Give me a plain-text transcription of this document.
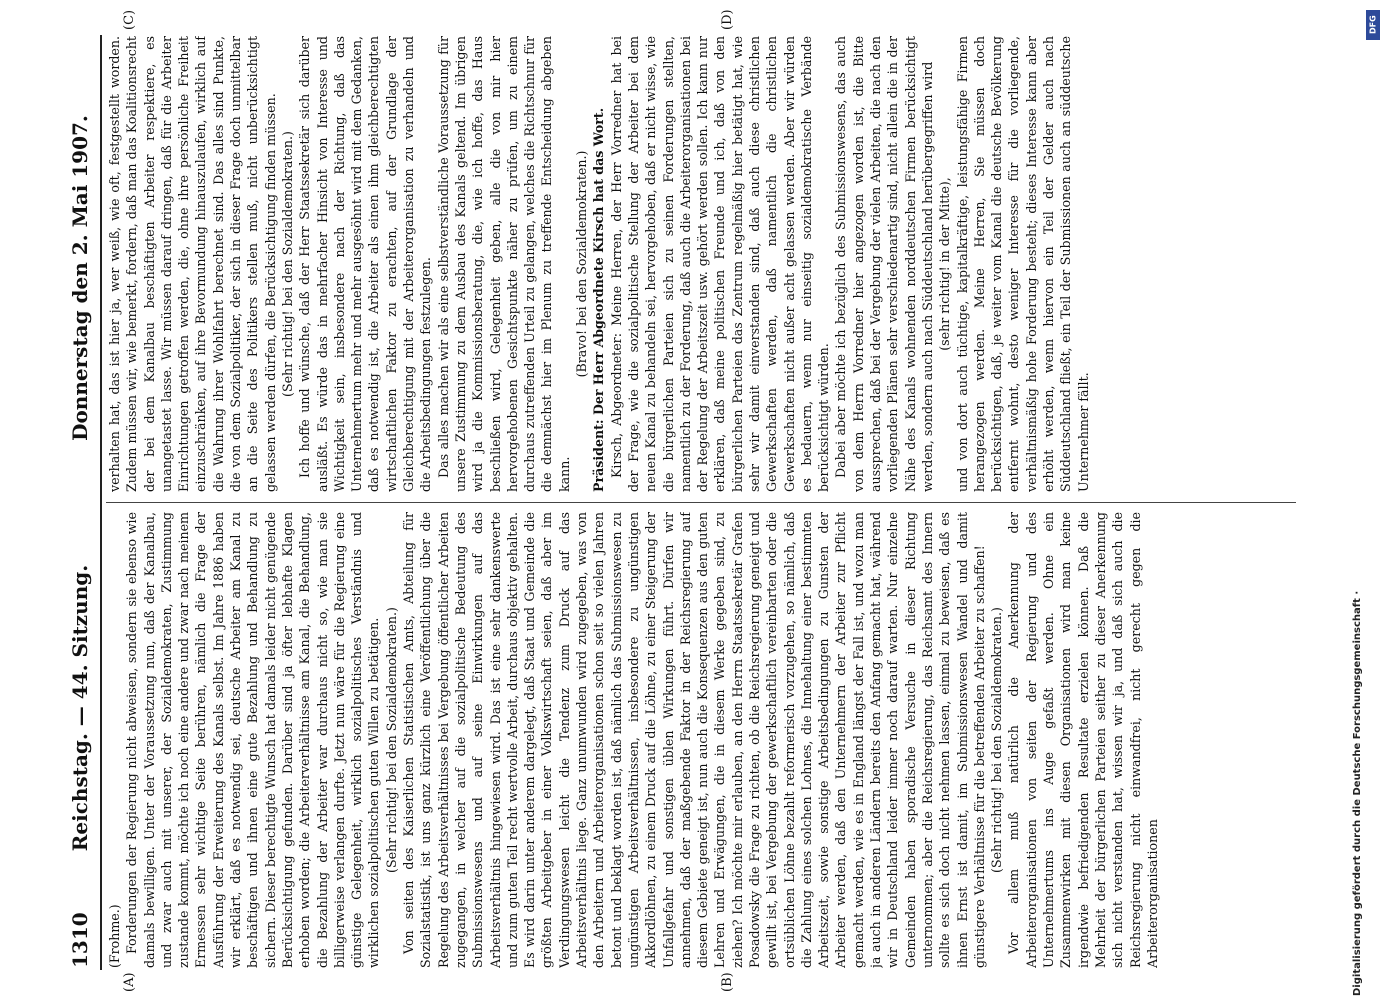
1310
Reichstag. — 44. Sitzung.
Donnerstag den 2. Mai 1907.
(A)	(B)
(C)	(D)

(Frohme.) Forderungen der Regierung nicht abweisen, sondern sie ebenso wie damals bewilligen. Unter der Voraussetzung nun, daß der Kanalbau, und zwar auch mit unserer, der Sozialdemokraten, Zustimmung zustande kommt, möchte ich noch eine andere und zwar nach meinem Ermessen sehr wichtige Seite berühren, nämlich die Frage der Ausführung der Erweiterung des Kanals selbst. Im Jahre 1886 haben wir erklärt, daß es notwendig sei, deutsche Arbeiter am Kanal zu beschäftigen und ihnen eine gute Bezahlung und Behandlung zu sichern. Dieser berechtigte Wunsch hat damals leider nicht genügende Berücksichtigung gefunden. Darüber sind ja öfter lebhafte Klagen erhoben worden; die Arbeiterverhältnisse am Kanal, die Behandlung, die Bezahlung der Arbeiter war durchaus nicht so, wie man sie billigerweise verlangen durfte. Jetzt nun wäre für die Regierung eine günstige Gelegenheit, wirklich sozialpolitisches Verständnis und wirklichen sozialpolitischen guten Willen zu betätigen. (Sehr richtig! bei den Sozialdemokraten.) Von seiten des Kaiserlichen Statistischen Amts, Abteilung für Sozialstatistik, ist uns ganz kürzlich eine Veröffentlichung über die Regelung des Arbeitsverhältnisses bei Vergebung öffentlicher Arbeiten zugegangen, in welcher auf die sozialpolitische Bedeutung des Submissionswesens und auf seine Einwirkungen auf das Arbeitsverhältnis hingewiesen wird. Das ist eine sehr dankenswerte und zum guten Teil recht wertvolle Arbeit, durchaus objektiv gehalten. Es wird darin unter anderem dargelegt, daß Staat und Gemeinde die größten Arbeitgeber in einer Volkswirtschaft seien, daß aber im Verdingungswesen leicht die Tendenz zum Druck auf das Arbeitsverhältnis liege. Ganz unumwunden wird zugegeben, was von den Arbeitern und Arbeiterorganisationen schon seit so vielen Jahren betont und beklagt worden ist, daß nämlich das Submissionswesen zu ungünstigen Arbeitsverhältnissen, insbesondere zu ungünstigen Akkordlöhnen, zu einem Druck auf die Löhne, zu einer Steigerung der Unfallgefahr und sonstigen üblen Wirkungen führt. Dürfen wir annehmen, daß der maßgebende Faktor in der Reichsregierung auf diesem Gebiete geneigt ist, nun auch die Konsequenzen aus den guten Lehren und Erwägungen, die in diesem Werke gegeben sind, zu ziehen? Ich möchte mir erlauben, an den Herrn Staatssekretär Grafen Posadowsky die Frage zu richten, ob die Reichsregierung geneigt und gewillt ist, bei Vergebung der gewerkschaftlich vereinbarten oder die ortsüblichen Löhne bezahlt reformerisch vorzugehen, so nämlich, daß die Zahlung eines solchen Lohnes, die Innehaltung einer bestimmten Arbeitszeit, sowie sonstige Arbeitsbedingungen zu Gunsten der Arbeiter werden, daß den Unternehmern der Arbeiter zur Pflicht gemacht werden, wie es in England längst der Fall ist, und wozu man ja auch in anderen Ländern bereits den Anfang gemacht hat, während wir in Deutschland leider immer noch darauf warten. Nur einzelne Gemeinden haben sporadische Versuche in dieser Richtung unternommen; aber die Reichsregierung, das Reichsamt des Innern sollte es sich doch nicht nehmen lassen, einmal zu beweisen, daß es ihnen Ernst ist damit, im Submissionswesen Wandel und damit günstigere Verhältnisse für die betreffenden Arbeiter zu schaffen! (Sehr richtig! bei den Sozialdemokraten.) Vor allem muß natürlich die Anerkennung der Arbeiterorganisationen von seiten der Regierung und des Unternehmertums ins Auge gefaßt werden. Ohne ein Zusammenwirken mit diesen Organisationen wird man keine irgendwie befriedigenden Resultate erzielen können. Daß die Mehrheit der bürgerlichen Parteien seither zu dieser Anerkennung sich nicht verstanden hat, wissen wir ja, und daß sich auch die Reichsregierung nicht einwandfrei, nicht gerecht gegen die Arbeiterorganisationen

verhalten hat, das ist hier ja, wer weiß, wie oft, festgestellt worden. Zudem müssen wir, wie bemerkt, fordern, daß man das Koalitionsrecht der bei dem Kanalbau beschäftigten Arbeiter respektiere, es unangetastet lasse. Wir müssen darauf dringen, daß für die Arbeiter Einrichtungen getroffen werden, die, ohne ihre persönliche Freiheit einzuschränken, auf ihre Bevormundung hinauszulaufen, wirklich auf die Wahrung ihrer Wohlfahrt berechnet sind. Das alles sind Punkte, die von dem Sozialpolitiker, der sich in dieser Frage doch unmittelbar an die Seite des Politikers stellen muß, nicht unberücksichtigt gelassen werden dürfen, die Berücksichtigung finden müssen. (Sehr richtig! bei den Sozialdemokraten.) Ich hoffe und wünsche, daß der Herr Staatssekretär sich darüber ausläßt. Es würde das in mehrfacher Hinsicht von Interesse und Wichtigkeit sein, insbesondere nach der Richtung, daß das Unternehmertum mehr und mehr ausgesöhnt wird mit dem Gedanken, daß es notwendig ist, die Arbeiter als einen ihm gleichberechtigten wirtschaftlichen Faktor zu erachten, auf der Grundlage der Gleichberechtigung mit der Arbeiterorganisation zu verhandeln und die Arbeitsbedingungen festzulegen. Das alles machen wir als eine selbstverständliche Voraussetzung für unsere Zustimmung zu dem Ausbau des Kanals geltend. Im übrigen wird ja die Kommissionsberatung, die, wie ich hoffe, das Haus beschließen wird, Gelegenheit geben, alle die von mir hier hervorgehobenen Gesichtspunkte näher zu prüfen, um zu einem durchaus zutreffenden Urteil zu gelangen, welches die Richtschnur für die demnächst hier im Plenum zu treffende Entscheidung abgeben kann.

(Bravo! bei den Sozialdemokraten.) Präsident: Der Herr Abgeordnete Kirsch hat das Wort. Kirsch, Abgeordneter: Meine Herren, der Herr Vorredner hat bei der Frage, wie die sozialpolitische Stellung der Arbeiter bei dem neuen Kanal zu behandeln sei, hervorgehoben, daß er nicht wisse, wie die bürgerlichen Parteien sich zu seinen Forderungen stellten, namentlich zu der Forderung, daß auch die Arbeiterorganisationen bei der Regelung der Arbeitszeit usw. gehört werden sollen. Ich kann nur erklären, daß meine politischen Freunde und ich, daß von den bürgerlichen Parteien das Zentrum regelmäßig hier betätigt hat, wie sehr wir damit einverstanden sind, daß auch diese christlichen Gewerkschaften werden, daß namentlich die christlichen Gewerkschaften nicht außer acht gelassen werden. Aber wir würden es bedauern, wenn nur einseitig sozialdemokratische Verbände berücksichtigt würden. Dabei aber möchte ich bezüglich des Submissionswesens, das auch von dem Herrn Vorredner hier angezogen worden ist, die Bitte aussprechen, daß bei der Vergebung der vielen Arbeiten, die nach den vorliegenden Plänen sehr verschiedenartig sind, nicht allein die in der Nähe des Kanals wohnenden norddeutschen Firmen berücksichtigt werden, sondern auch nach Süddeutschland herübergegriffen wird (sehr richtig! in der Mitte), und von dort auch tüchtige, kapitalkräftige, leistungsfähige Firmen herangezogen werden. Meine Herren, Sie müssen doch berücksichtigen, daß, je weiter vom Kanal die deutsche Bevölkerung entfernt wohnt, desto weniger Interesse für die vorliegende, verhältnismäßig hohe Forderung besteht; dieses Interesse kann aber erhöht werden, wenn hiervon ein Teil der Gelder auch nach Süddeutschland fließt, ein Teil der Submissionen auch an süddeutsche Unternehmer fällt.

Digitalisierung gefördert durch die Deutsche Forschungsgemeinschaft ·
DFG
